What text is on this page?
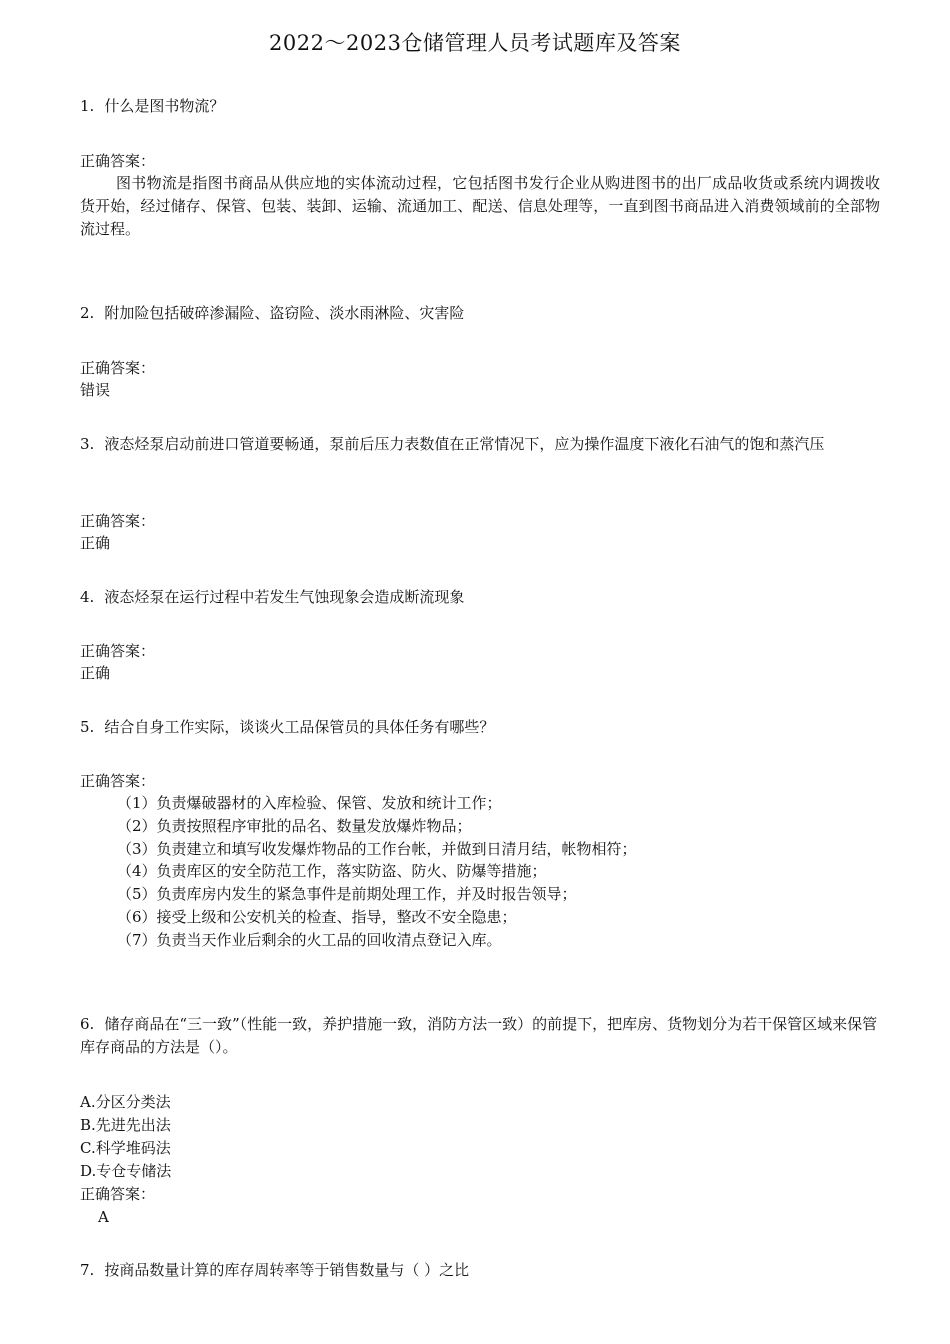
2022～2023仓储管理人员考试题库及答案
1. 什么是图书物流？
正确答案：
图书物流是指图书商品从供应地的实体流动过程，它包括图书发行企业从购进图书的出厂成品收货或系统内调拨收货开始，经过储存、保管、包装、装卸、运输、流通加工、配送、信息处理等，一直到图书商品进入消费领域前的全部物流过程。
2. 附加险包括破碎渗漏险、盗窃险、淡水雨淋险、灾害险
正确答案：
错误
3. 液态烃泵启动前进口管道要畅通，泵前后压力表数值在正常情况下，应为操作温度下液化石油气的饱和蒸汽压
正确答案：
正确
4. 液态烃泵在运行过程中若发生气蚀现象会造成断流现象
正确答案：
正确
5. 结合自身工作实际，谈谈火工品保管员的具体任务有哪些？
正确答案：
（1）负责爆破器材的入库检验、保管、发放和统计工作；
（2）负责按照程序审批的品名、数量发放爆炸物品；
（3）负责建立和填写收发爆炸物品的工作台帐，并做到日清月结，帐物相符；
（4）负责库区的安全防范工作，落实防盗、防火、防爆等措施；
（5）负责库房内发生的紧急事件是前期处理工作，并及时报告领导；
（6）接受上级和公安机关的检查、指导，整改不安全隐患；
（7）负责当天作业后剩余的火工品的回收清点登记入库。
6. 储存商品在“三一致”（性能一致，养护措施一致，消防方法一致）的前提下，把库房、货物划分为若干保管区域来保管库存商品的方法是（）。
A.分区分类法
B.先进先出法
C.科学堆码法
D.专仓专储法
正确答案：
A
7. 按商品数量计算的库存周转率等于销售数量与（ ）之比
